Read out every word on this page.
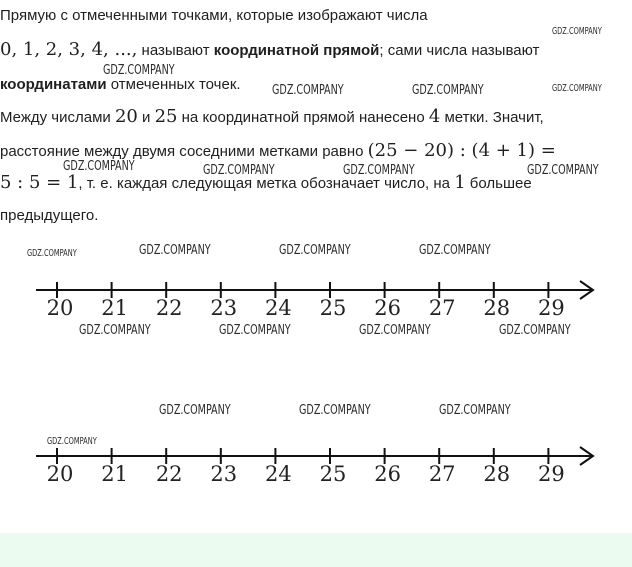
Прямую с отмеченными точками, которые изображают числа
0, 1, 2, 3, 4, ..., называют координатной прямой; сами числа называют
координатами отмеченных точек.
Между числами 20 и 25 на координатной прямой нанесено 4 метки. Значит,
расстояние между двумя соседними метками равно (25 − 20) : (4 + 1) =
5 : 5 = 1, т. е. каждая следующая метка обозначает число, на 1 большее
предыдущего.
20 21 22 23 24 25 26 27 28 29
20 21 22 23 24 25 26 27 28 29
GDZ.COMPANY
GDZ.COMPANY
GDZ.COMPANY	GDZ.COMPANY	GDZ.COMPANY
GDZ.COMPANY	GDZ.COMPANY	GDZ.COMPANY	GDZ.COMPANY
GDZ.COMPANY	GDZ.COMPANY	GDZ.COMPANY	GDZ.COMPANY
GDZ.COMPANY	GDZ.COMPANY	GDZ.COMPANY	GDZ.COMPANY
GDZ.COMPANY	GDZ.COMPANY	GDZ.COMPANY
GDZ.COMPANY
